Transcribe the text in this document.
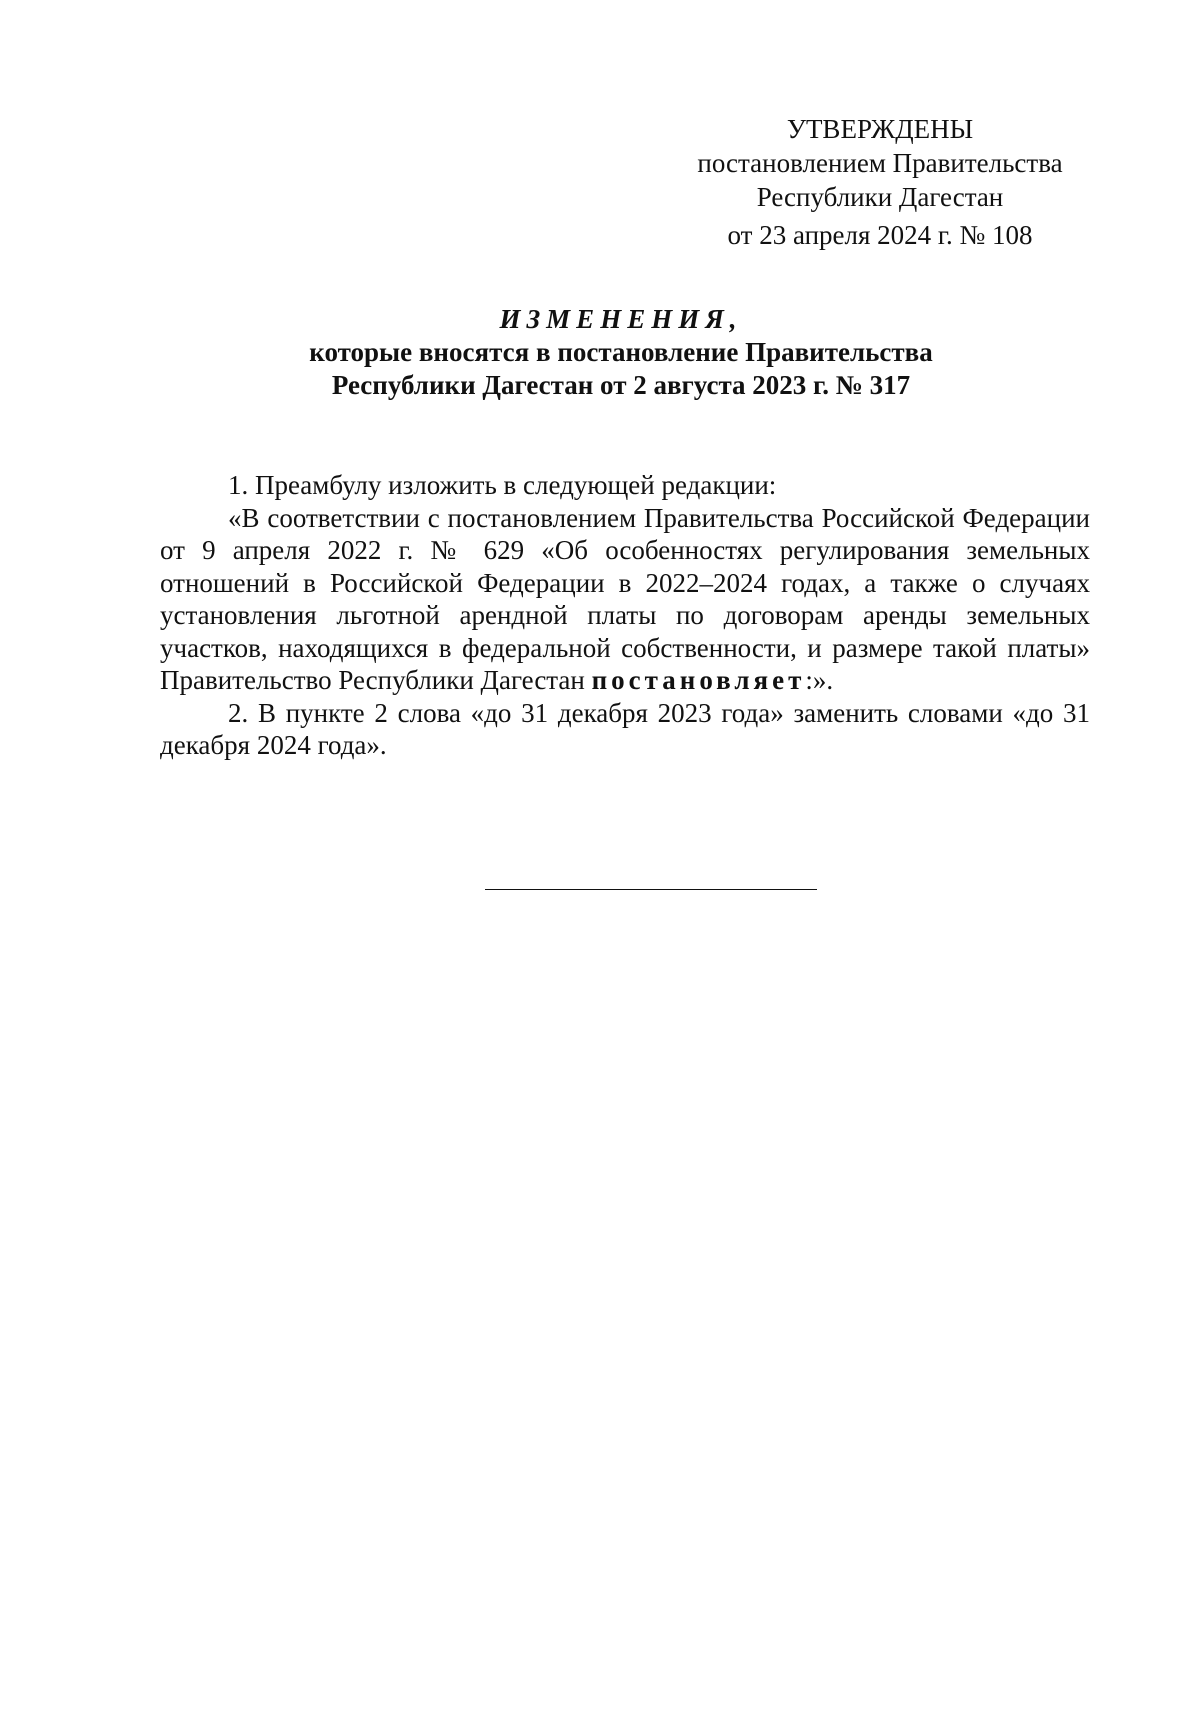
УТВЕРЖДЕНЫ
постановлением Правительства
Республики Дагестан
от 23 апреля 2024 г. № 108
ИЗМЕНЕНИЯ,
которые вносятся в постановление Правительства
Республики Дагестан от 2 августа 2023 г. № 317

1. Преамбулу изложить в следующей редакции:

«В соответствии с постановлением Правительства Российской Федерации от 9 апреля 2022 г. № 629 «Об особенностях регулирования земельных отношений в Российской Федерации в 2022–2024 годах, а также о случаях установления льготной арендной платы по договорам аренды земельных участков, находящихся в федеральной собственности, и размере такой платы» Правительство Республики Дагестан постановляет:».

2. В пункте 2 слова «до 31 декабря 2023 года» заменить словами «до 31 декабря 2024 года».
